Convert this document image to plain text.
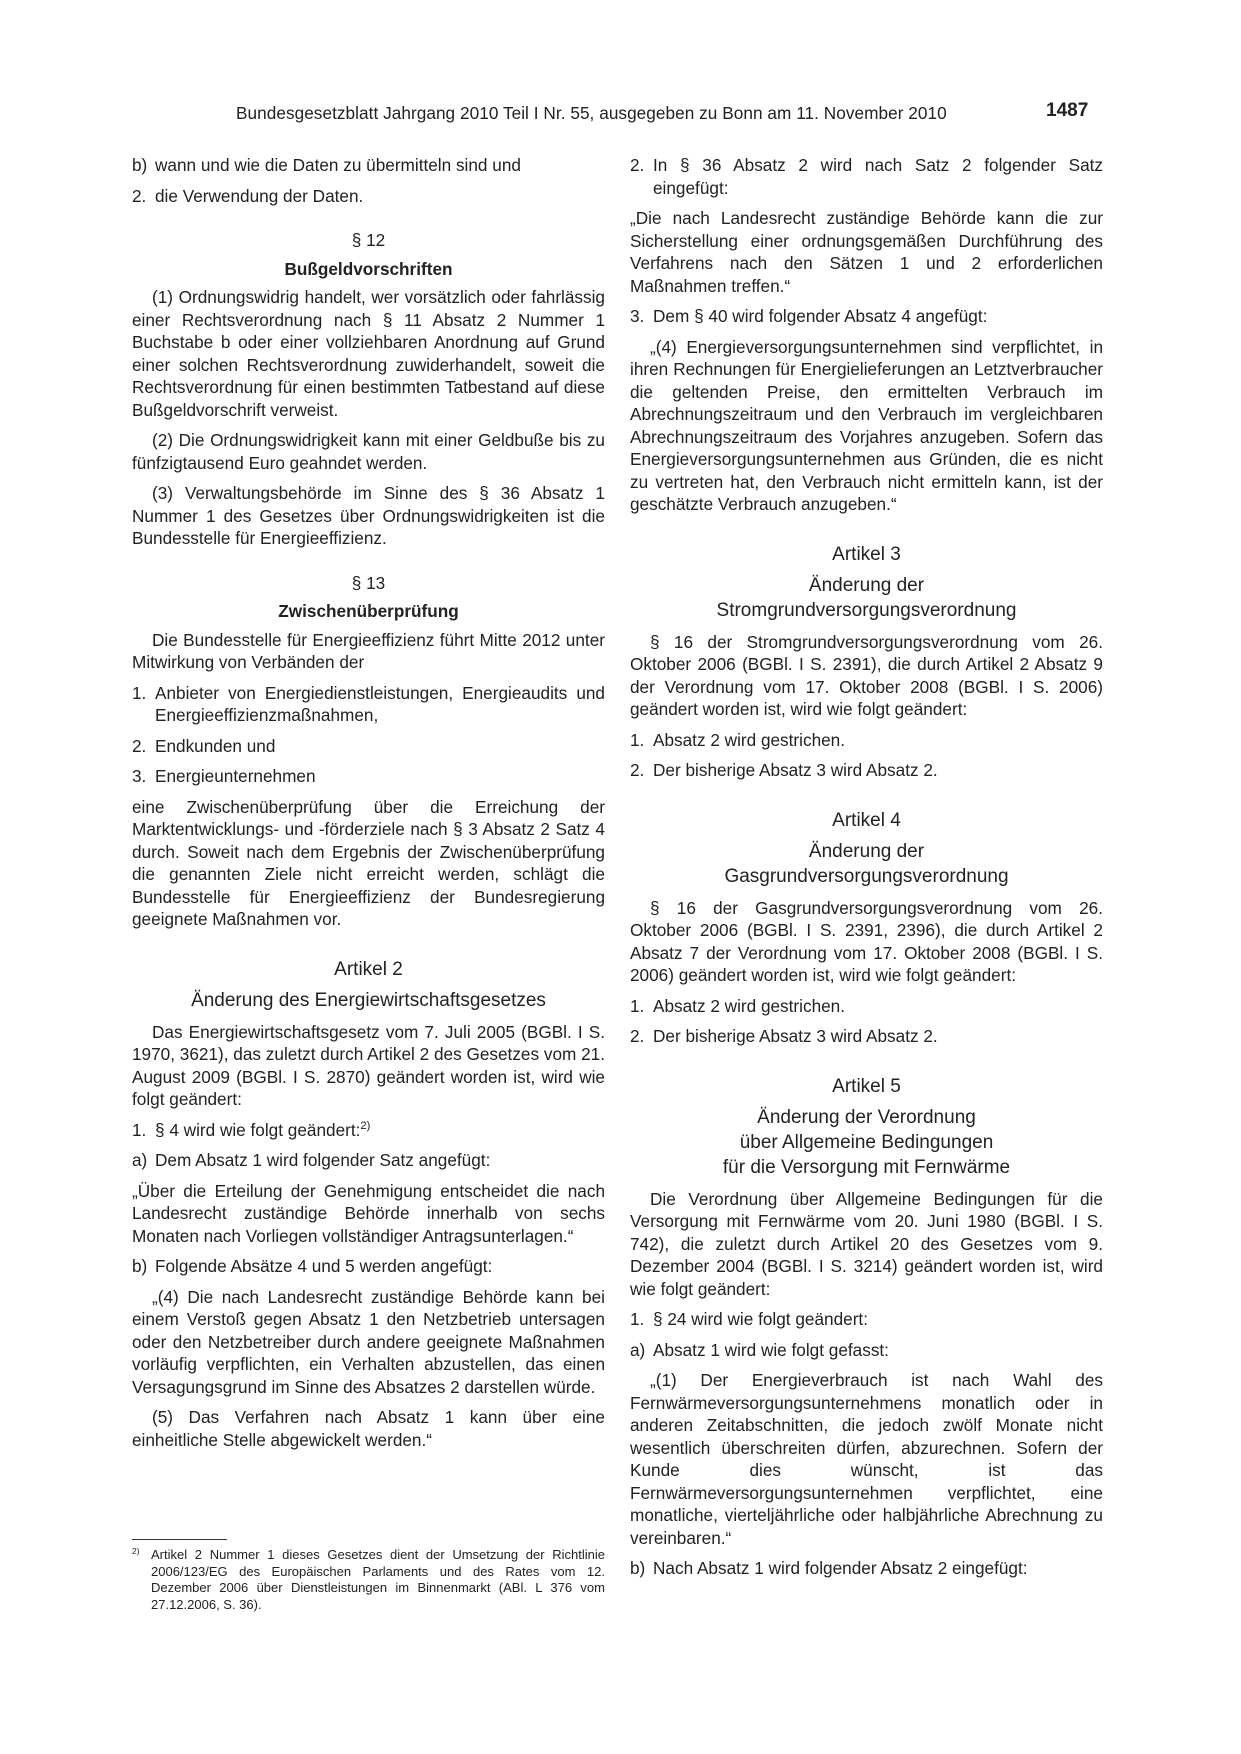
Bundesgesetzblatt Jahrgang 2010 Teil I Nr. 55, ausgegeben zu Bonn am 11. November 2010	1487
b) wann und wie die Daten zu übermitteln sind und
2. die Verwendung der Daten.
§ 12
Bußgeldvorschriften
(1) Ordnungswidrig handelt, wer vorsätzlich oder fahrlässig einer Rechtsverordnung nach § 11 Absatz 2 Nummer 1 Buchstabe b oder einer vollziehbaren Anordnung auf Grund einer solchen Rechtsverordnung zuwiderhandelt, soweit die Rechtsverordnung für einen bestimmten Tatbestand auf diese Bußgeldvorschrift verweist.
(2) Die Ordnungswidrigkeit kann mit einer Geldbuße bis zu fünfzigtausend Euro geahndet werden.
(3) Verwaltungsbehörde im Sinne des § 36 Absatz 1 Nummer 1 des Gesetzes über Ordnungswidrigkeiten ist die Bundesstelle für Energieeffizienz.
§ 13
Zwischenüberprüfung
Die Bundesstelle für Energieeffizienz führt Mitte 2012 unter Mitwirkung von Verbänden der
1. Anbieter von Energiedienstleistungen, Energieaudits und Energieeffizienzmaßnahmen,
2. Endkunden und
3. Energieunternehmen
eine Zwischenüberprüfung über die Erreichung der Marktentwicklungs- und -förderziele nach § 3 Absatz 2 Satz 4 durch. Soweit nach dem Ergebnis der Zwischenüberprüfung die genannten Ziele nicht erreicht werden, schlägt die Bundesstelle für Energieeffizienz der Bundesregierung geeignete Maßnahmen vor.
Artikel 2
Änderung des Energiewirtschaftsgesetzes
Das Energiewirtschaftsgesetz vom 7. Juli 2005 (BGBl. I S. 1970, 3621), das zuletzt durch Artikel 2 des Gesetzes vom 21. August 2009 (BGBl. I S. 2870) geändert worden ist, wird wie folgt geändert:
1. § 4 wird wie folgt geändert:$^{2)}$
a) Dem Absatz 1 wird folgender Satz angefügt:
„Über die Erteilung der Genehmigung entscheidet die nach Landesrecht zuständige Behörde innerhalb von sechs Monaten nach Vorliegen vollständiger Antragsunterlagen.“
b) Folgende Absätze 4 und 5 werden angefügt:
„(4) Die nach Landesrecht zuständige Behörde kann bei einem Verstoß gegen Absatz 1 den Netzbetrieb untersagen oder den Netzbetreiber durch andere geeignete Maßnahmen vorläufig verpflichten, ein Verhalten abzustellen, das einen Versagungsgrund im Sinne des Absatzes 2 darstellen würde.
(5) Das Verfahren nach Absatz 1 kann über eine einheitliche Stelle abgewickelt werden.“
2. In § 36 Absatz 2 wird nach Satz 2 folgender Satz eingefügt:
„Die nach Landesrecht zuständige Behörde kann die zur Sicherstellung einer ordnungsgemäßen Durchführung des Verfahrens nach den Sätzen 1 und 2 erforderlichen Maßnahmen treffen.“
3. Dem § 40 wird folgender Absatz 4 angefügt:
„(4) Energieversorgungsunternehmen sind verpflichtet, in ihren Rechnungen für Energielieferungen an Letztverbraucher die geltenden Preise, den ermittelten Verbrauch im Abrechnungszeitraum und den Verbrauch im vergleichbaren Abrechnungszeitraum des Vorjahres anzugeben. Sofern das Energieversorgungsunternehmen aus Gründen, die es nicht zu vertreten hat, den Verbrauch nicht ermitteln kann, ist der geschätzte Verbrauch anzugeben.“
Artikel 3
Änderung der
Stromgrundversorgungsverordnung
§ 16 der Stromgrundversorgungsverordnung vom 26. Oktober 2006 (BGBl. I S. 2391), die durch Artikel 2 Absatz 9 der Verordnung vom 17. Oktober 2008 (BGBl. I S. 2006) geändert worden ist, wird wie folgt geändert:
1. Absatz 2 wird gestrichen.
2. Der bisherige Absatz 3 wird Absatz 2.
Artikel 4
Änderung der
Gasgrundversorgungsverordnung
§ 16 der Gasgrundversorgungsverordnung vom 26. Oktober 2006 (BGBl. I S. 2391, 2396), die durch Artikel 2 Absatz 7 der Verordnung vom 17. Oktober 2008 (BGBl. I S. 2006) geändert worden ist, wird wie folgt geändert:
1. Absatz 2 wird gestrichen.
2. Der bisherige Absatz 3 wird Absatz 2.
Artikel 5
Änderung der Verordnung
über Allgemeine Bedingungen
für die Versorgung mit Fernwärme
Die Verordnung über Allgemeine Bedingungen für die Versorgung mit Fernwärme vom 20. Juni 1980 (BGBl. I S. 742), die zuletzt durch Artikel 20 des Gesetzes vom 9. Dezember 2004 (BGBl. I S. 3214) geändert worden ist, wird wie folgt geändert:
1. § 24 wird wie folgt geändert:
a) Absatz 1 wird wie folgt gefasst:
„(1) Der Energieverbrauch ist nach Wahl des Fernwärmeversorgungsunternehmens monatlich oder in anderen Zeitabschnitten, die jedoch zwölf Monate nicht wesentlich überschreiten dürfen, abzurechnen. Sofern der Kunde dies wünscht, ist das Fernwärmeversorgungsunternehmen verpflichtet, eine monatliche, vierteljährliche oder halbjährliche Abrechnung zu vereinbaren.“
b) Nach Absatz 1 wird folgender Absatz 2 eingefügt:
$^{2)}$ Artikel 2 Nummer 1 dieses Gesetzes dient der Umsetzung der Richtlinie 2006/123/EG des Europäischen Parlaments und des Rates vom 12. Dezember 2006 über Dienstleistungen im Binnenmarkt (ABl. L 376 vom 27.12.2006, S. 36).
